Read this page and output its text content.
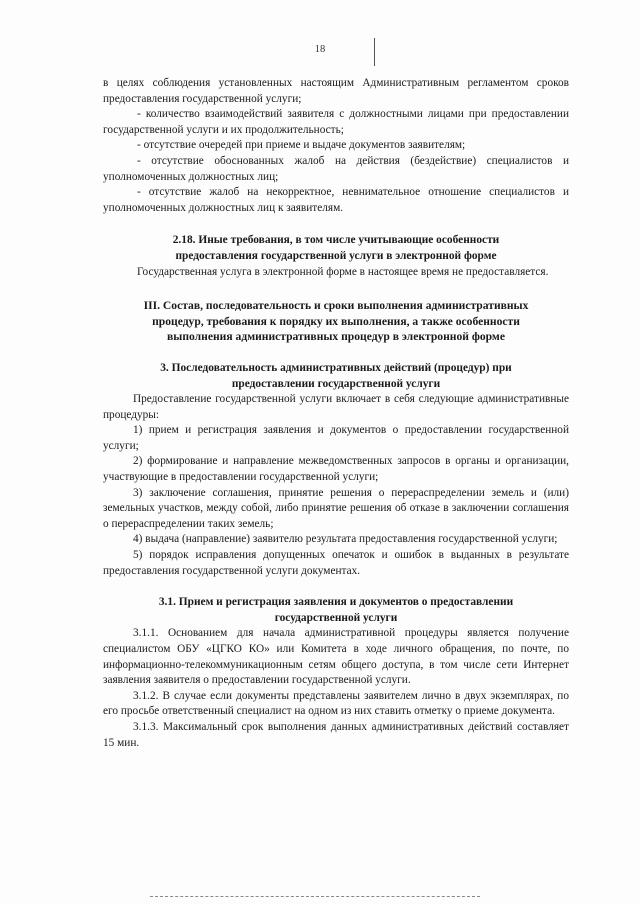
18

в целях соблюдения установленных настоящим Административным регламентом сроков предоставления государственной услуги;

- количество взаимодействий заявителя с должностными лицами при предоставлении государственной услуги и их продолжительность;

- отсутствие очередей при приеме и выдаче документов заявителям;

- отсутствие обоснованных жалоб на действия (бездействие) специалистов и уполномоченных должностных лиц;

- отсутствие жалоб на некорректное, невнимательное отношение специалистов и уполномоченных должностных лиц к заявителям.

2.18. Иные требования, в том числе учитывающие особенности
предоставления государственной услуги в электронной форме

Государственная услуга в электронной форме в настоящее время не предоставляется.

III. Состав, последовательность и сроки выполнения административных
процедур, требования к порядку их выполнения, а также особенности
выполнения административных процедур в электронной форме
3. Последовательность административных действий (процедур) при
предоставлении государственной услуги

Предоставление государственной услуги включает в себя следующие административные процедуры:

1) прием и регистрация заявления и документов о предоставлении государственной услуги;

2) формирование и направление межведомственных запросов в органы и организации, участвующие в предоставлении государственной услуги;

3) заключение соглашения, принятие решения о перераспределении земель и (или) земельных участков, между собой, либо принятие решения об отказе в заключении соглашения о перераспределении таких земель;

4) выдача (направление) заявителю результата предоставления государственной услуги;

5) порядок исправления допущенных опечаток и ошибок в выданных в результате предоставления государственной услуги документах.

3.1. Прием и регистрация заявления и документов о предоставлении
государственной услуги

3.1.1. Основанием для начала административной процедуры является получение специалистом ОБУ «ЦГКО КО» или Комитета в ходе личного обращения, по почте, по информационно-телекоммуникационным сетям общего доступа, в том числе сети Интернет заявления заявителя о предоставлении государственной услуги.

3.1.2. В случае если документы представлены заявителем лично в двух экземплярах, по его просьбе ответственный специалист на одном из них ставить отметку о приеме документа.

3.1.3. Максимальный срок выполнения данных административных действий составляет 15 мин.
